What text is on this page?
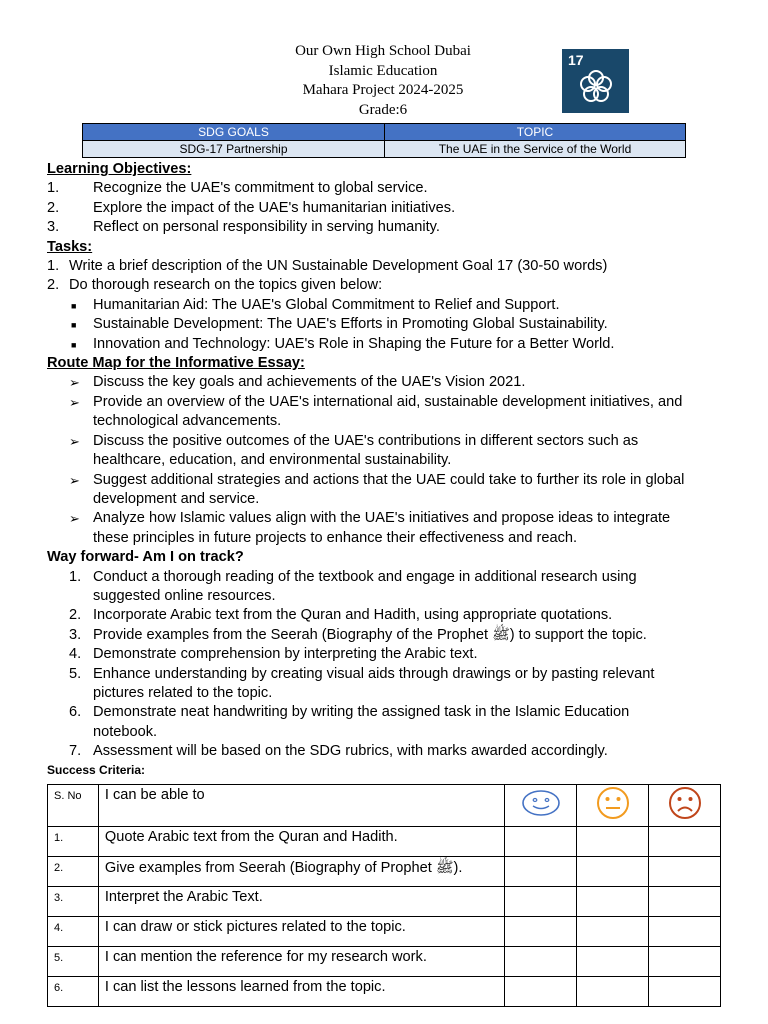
Our Own High School Dubai
Islamic Education
Mahara Project 2024-2025
Grade:6
17
SDG GOALS	TOPIC
SDG-17 Partnership	The UAE in the Service of the World
Learning Objectives:
1.	Recognize the UAE's commitment to global service.
2.	Explore the impact of the UAE's humanitarian initiatives.
3.	Reflect on personal responsibility in serving humanity.
Tasks:
1. Write a brief description of the UN Sustainable Development Goal 17 (30-50 words)
2. Do thorough research on the topics given below:
■	Humanitarian Aid: The UAE's Global Commitment to Relief and Support.
■	Sustainable Development: The UAE's Efforts in Promoting Global Sustainability.
■	Innovation and Technology: UAE's Role in Shaping the Future for a Better World.
Route Map for the Informative Essay:
➢ Discuss the key goals and achievements of the UAE's Vision 2021.
➢ Provide an overview of the UAE's international aid, sustainable development initiatives, and
technological advancements.
➢ Discuss the positive outcomes of the UAE's contributions in different sectors such as
healthcare, education, and environmental sustainability.
➢ Suggest additional strategies and actions that the UAE could take to further its role in global
development and service.
➢ Analyze how Islamic values align with the UAE's initiatives and propose ideas to integrate
these principles in future projects to enhance their effectiveness and reach.
Way forward- Am I on track?
1. Conduct a thorough reading of the textbook and engage in additional research using
suggested online resources.
2. Incorporate Arabic text from the Quran and Hadith, using appropriate quotations.
3. Provide examples from the Seerah (Biography of the Prophet ﷺ) to support the topic.
4. Demonstrate comprehension by interpreting the Arabic text.
5. Enhance understanding by creating visual aids through drawings or by pasting relevant
pictures related to the topic.
6. Demonstrate neat handwriting by writing the assigned task in the Islamic Education
notebook.
7. Assessment will be based on the SDG rubrics, with marks awarded accordingly.
Success Criteria:
S. No	I can be able to			
1.	Quote Arabic text from the Quran and Hadith.			
2.	Give examples from Seerah (Biography of Prophet ﷺ).			
3.	Interpret the Arabic Text.			
4.	I can draw or stick pictures related to the topic.			
5.	I can mention the reference for my research work.			
6.	I can list the lessons learned from the topic.			
